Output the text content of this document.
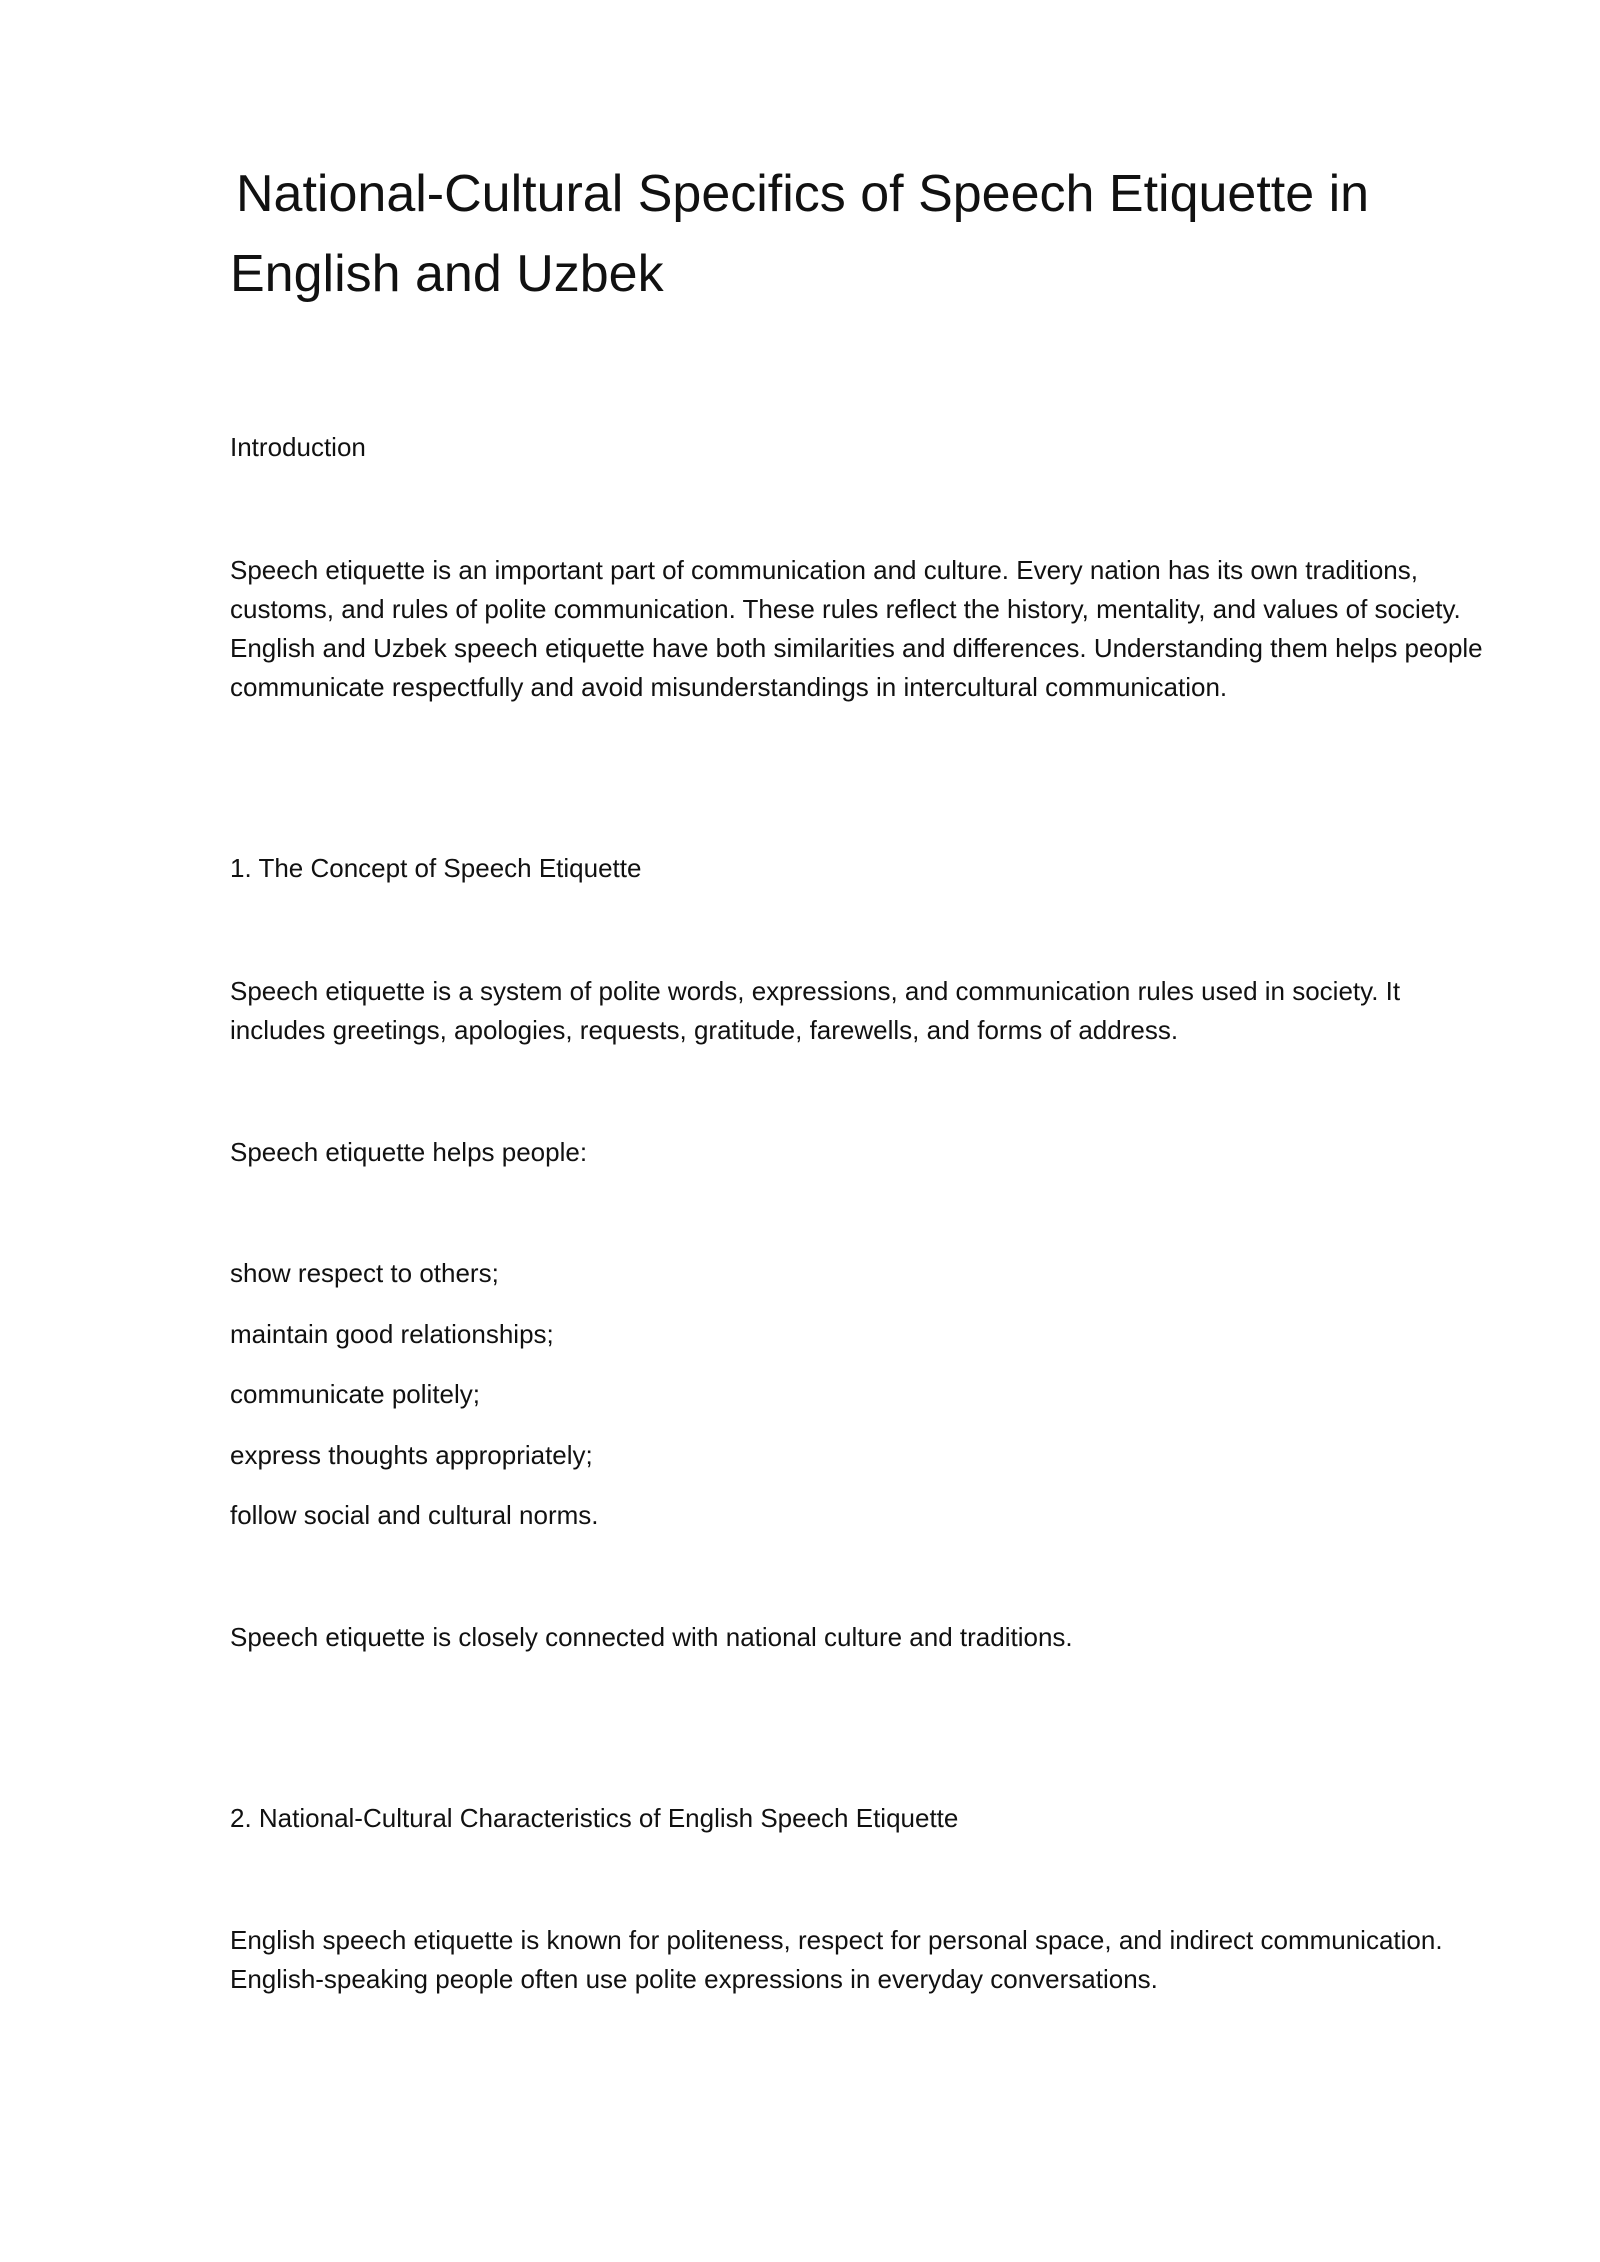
National-Cultural Specifics of Speech Etiquette in
English and Uzbek

Introduction

Speech etiquette is an important part of communication and culture. Every nation has its own traditions, customs, and rules of polite communication. These rules reflect the history, mentality, and values of society. English and Uzbek speech etiquette have both similarities and differences. Understanding them helps people communicate respectfully and avoid misunderstandings in intercultural communication.

1. The Concept of Speech Etiquette

Speech etiquette is a system of polite words, expressions, and communication rules used in society. It includes greetings, apologies, requests, gratitude, farewells, and forms of address.

Speech etiquette helps people:

show respect to others;

maintain good relationships;

communicate politely;

express thoughts appropriately;

follow social and cultural norms.

Speech etiquette is closely connected with national culture and traditions.

2. National-Cultural Characteristics of English Speech Etiquette

English speech etiquette is known for politeness, respect for personal space, and indirect communication. English-speaking people often use polite expressions in everyday conversations.
